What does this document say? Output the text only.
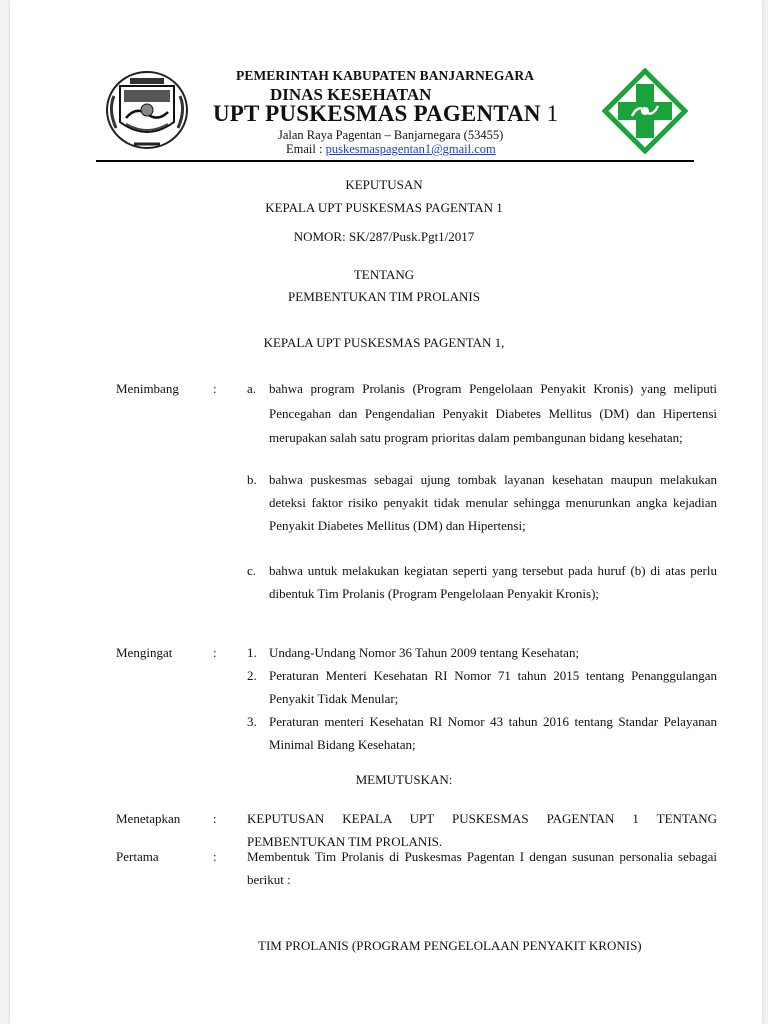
PEMERINTAH KABUPATEN BANJARNEGARA
DINAS KESEHATAN
UPT PUSKESMAS PAGENTAN 1
Jalan Raya Pagentan – Banjarnegara (53455)
Email : puskesmaspagentan1@gmail.com
KEPUTUSAN
KEPALA UPT PUSKESMAS PAGENTAN 1
NOMOR: SK/287/Pusk.Pgt1/2017
TENTANG
PEMBENTUKAN TIM PROLANIS
KEPALA UPT PUSKESMAS PAGENTAN 1,
Menimbang	: a. bahwa program Prolanis (Program Pengelolaan Penyakit Kronis) yang meliputi Pencegahan dan Pengendalian Penyakit Diabetes Mellitus (DM) dan Hipertensi merupakan salah satu program prioritas dalam pembangunan bidang kesehatan;
b. bahwa puskesmas sebagai ujung tombak layanan kesehatan maupun melakukan deteksi faktor risiko penyakit tidak menular sehingga menurunkan angka kejadian Penyakit Diabetes Mellitus (DM) dan Hipertensi;
c. bahwa untuk melakukan kegiatan seperti yang tersebut pada huruf (b) di atas perlu dibentuk Tim Prolanis (Program Pengelolaan Penyakit Kronis);
Mengingat	: 1. Undang-Undang Nomor 36 Tahun 2009 tentang Kesehatan;
2. Peraturan Menteri Kesehatan RI Nomor 71 tahun 2015 tentang Penanggulangan Penyakit Tidak Menular;
3. Peraturan menteri Kesehatan RI Nomor 43 tahun 2016 tentang Standar Pelayanan Minimal Bidang Kesehatan;
MEMUTUSKAN:
Menetapkan	: KEPUTUSAN KEPALA UPT PUSKESMAS PAGENTAN 1 TENTANG PEMBENTUKAN TIM PROLANIS.
Pertama	: Membentuk Tim Prolanis di Puskesmas Pagentan I dengan susunan personalia sebagai berikut :
TIM PROLANIS (PROGRAM PENGELOLAAN PENYAKIT KRONIS)
